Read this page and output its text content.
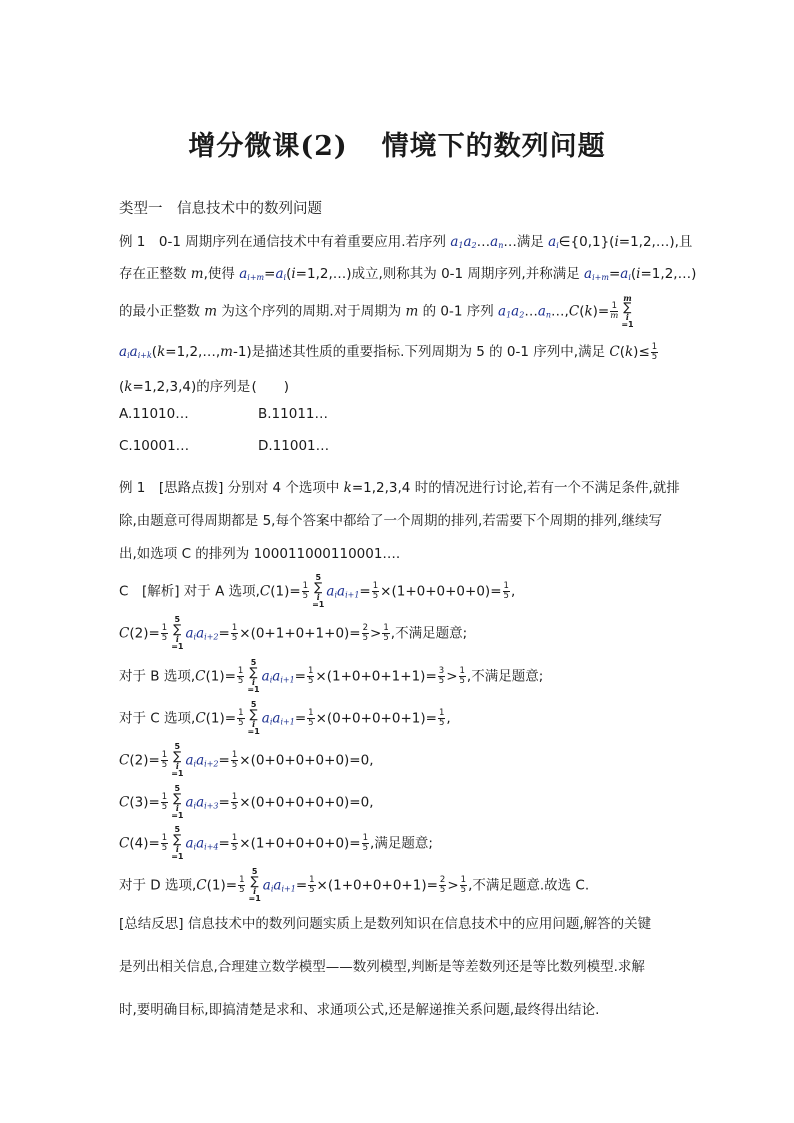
增分微课(2) 情境下的数列问题
类型一　信息技术中的数列问题
例 1　0-1 周期序列在通信技术中有着重要应用.若序列 $a_1a_2\dots a_n\dots$满足 $a_i\in\{0,1\}(i=1,2,\dots)$,且
存在正整数 m,使得 $a_{i+m}=a_i(i=1,2,\dots)$成立,则称其为 0-1 周期序列,并称满足 $a_{i+m}=a_i(i=1,2,\dots)$
的最小正整数 m 为这个序列的周期.对于周期为 m 的 0-1 序列 $a_1a_2\dots a_n\dots,C(k)= \frac{1}{m}$
m
∑
i
=1
$a_ia_{i+k}(k=1,2,\dots,m-1)$是描述其性质的重要指标.下列周期为 5 的 0-1 序列中,满足 $C(k)\le \frac{1}{5}$
(k=1,2,3,4)的序列是(　　)
A.11010…	B.11011…
C.10001…	D.11001…
例 1　[思路点拨] 分别对 4 个选项中 k=1,2,3,4 时的情况进行讨论,若有一个不满足条件,就排
除,由题意可得周期都是 5,每个答案中都给了一个周期的排列,若需要下个周期的排列,继续写
出,如选项 C 的排列为 100011000110001….
C　 [解析] 对于 A 选项$,C(1)= \frac{1}{5}$
5
∑
i
=1
$a_ia_{i+1}= \frac{1}{5} \times(1+0+0+0+0)= \frac{1}{5}$ ,
$C(2)= \frac{1}{5}$
5
∑
i
=1
$a_ia_{i+2}= \frac{1}{5} \times(0+1+0+1+0)= \frac{2}{5} > \frac{1}{5}$ ,不满足题意;
对于 B 选项$,C(1)= \frac{1}{5}$
5
∑
i
=1
$a_ia_{i+1}= \frac{1}{5} \times(1+0+0+1+1)= \frac{3}{5} > \frac{1}{5}$ ,不满足题意;
对于 C 选项$,C(1)= \frac{1}{5}$
5
∑
i
=1
$a_ia_{i+1}= \frac{1}{5} \times(0+0+0+0+1)= \frac{1}{5}$ ,
$C(2)= \frac{1}{5}$
5
∑
i
=1
$a_ia_{i+2}= \frac{1}{5} \times(0+0+0+0+0)=0$,
$C(3)= \frac{1}{5}$
5
∑
i
=1
$a_ia_{i+3}= \frac{1}{5} \times(0+0+0+0+0)=0$,
$C(4)= \frac{1}{5}$
5
∑
i
=1
$a_ia_{i+4}= \frac{1}{5} \times(1+0+0+0+0)= \frac{1}{5}$ ,满足题意;
对于 D 选项$,C(1)= \frac{1}{5}$
5
∑
i
=1
$a_ia_{i+1}= \frac{1}{5} \times(1+0+0+0+1)= \frac{2}{5} > \frac{1}{5}$ ,不满足题意.故选 C.
[总结反思] 信息技术中的数列问题实质上是数列知识在信息技术中的应用问题,解答的关键
是列出相关信息,合理建立数学模型——数列模型,判断是等差数列还是等比数列模型.求解
时,要明确目标,即搞清楚是求和、求通项公式,还是解递推关系问题,最终得出结论.
